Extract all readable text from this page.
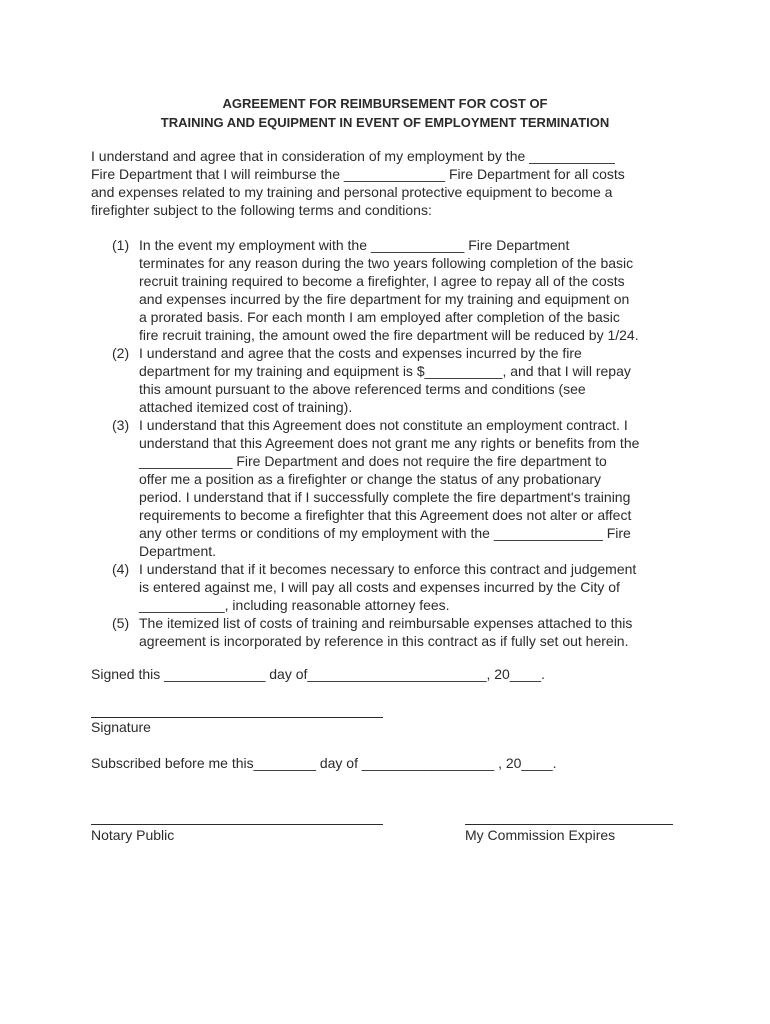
AGREEMENT FOR REIMBURSEMENT FOR COST OF
TRAINING AND EQUIPMENT IN EVENT OF EMPLOYMENT TERMINATION
I understand and agree that in consideration of my employment by the ___________
Fire Department that I will reimburse the _____________ Fire Department for all costs
and expenses related to my training and personal protective equipment to become a
firefighter subject to the following terms and conditions:
(1) In the event my employment with the ____________ Fire Department
terminates for any reason during the two years following completion of the basic
recruit training required to become a firefighter, I agree to repay all of the costs
and expenses incurred by the fire department for my training and equipment on
a prorated basis. For each month I am employed after completion of the basic
fire recruit training, the amount owed the fire department will be reduced by 1/24.
(2) I understand and agree that the costs and expenses incurred by the fire
department for my training and equipment is $__________, and that I will repay
this amount pursuant to the above referenced terms and conditions (see
attached itemized cost of training).
(3) I understand that this Agreement does not constitute an employment contract. I
understand that this Agreement does not grant me any rights or benefits from the
____________ Fire Department and does not require the fire department to
offer me a position as a firefighter or change the status of any probationary
period. I understand that if I successfully complete the fire department's training
requirements to become a firefighter that this Agreement does not alter or affect
any other terms or conditions of my employment with the ______________ Fire
Department.
(4) I understand that if it becomes necessary to enforce this contract and judgement
is entered against me, I will pay all costs and expenses incurred by the City of
___________, including reasonable attorney fees.
(5) The itemized list of costs of training and reimbursable expenses attached to this
agreement is incorporated by reference in this contract as if fully set out herein.
Signed this _____________ day of_______________________, 20____.
Signature
Subscribed before me this________ day of _________________ , 20____.
Notary Public	My Commission Expires
